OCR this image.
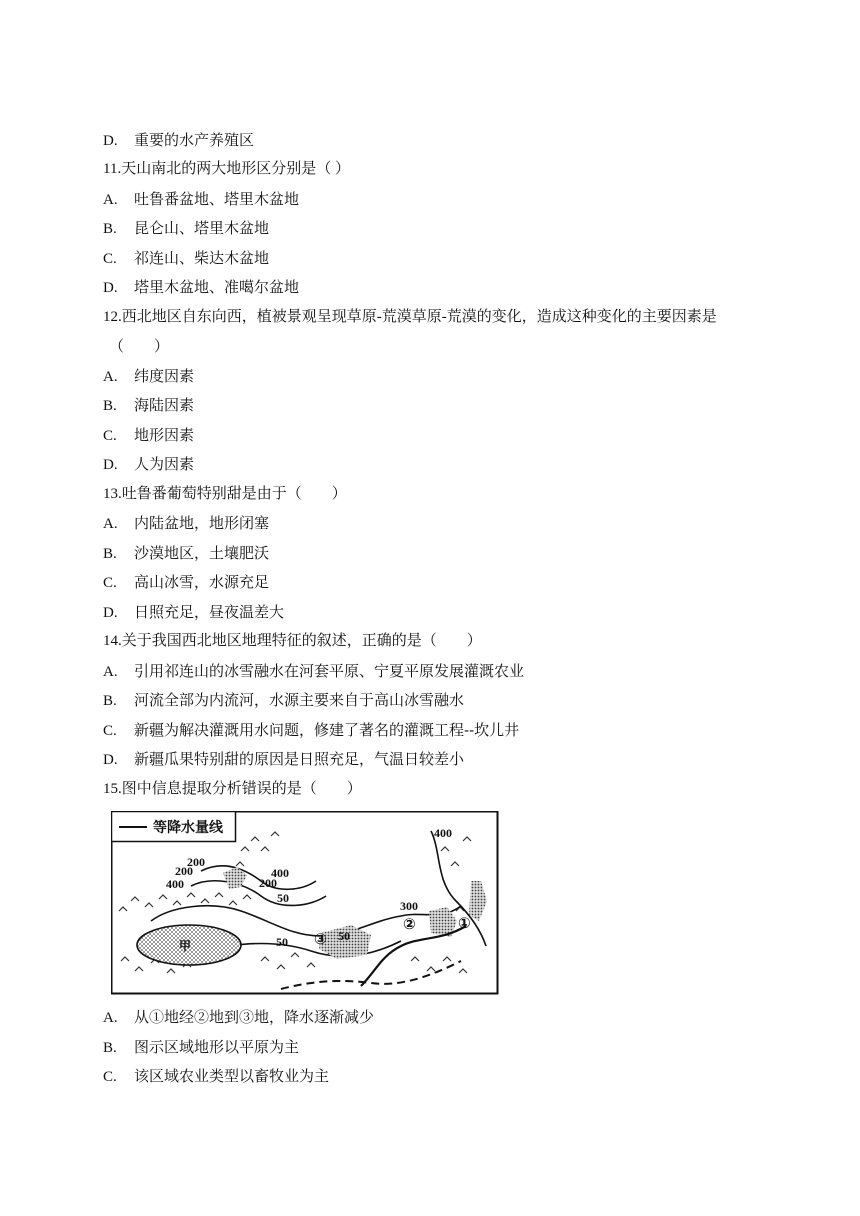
D. 重要的水产养殖区
11.天山南北的两大地形区分别是（ ）
A. 吐鲁番盆地、塔里木盆地
B. 昆仑山、塔里木盆地
C. 祁连山、柴达木盆地
D. 塔里木盆地、准噶尔盆地
12.西北地区自东向西，植被景观呈现草原-荒漠草原-荒漠的变化，造成这种变化的主要因素是
（　　）
A. 纬度因素
B. 海陆因素
C. 地形因素
D. 人为因素
13.吐鲁番葡萄特别甜是由于（　　）
A. 内陆盆地，地形闭塞
B. 沙漠地区，土壤肥沃
C. 高山冰雪，水源充足
D. 日照充足，昼夜温差大
14.关于我国西北地区地理特征的叙述，正确的是（　　）
A. 引用祁连山的冰雪融水在河套平原、宁夏平原发展灌溉农业
B. 河流全部为内流河，水源主要来自于高山冰雪融水
C. 新疆为解决灌溉用水问题，修建了著名的灌溉工程--坎儿井
D. 新疆瓜果特别甜的原因是日照充足，气温日较差小
15.图中信息提取分析错误的是（　　）
等降水量线	400
200
200
400	200
400
50
300
50
50
甲
①
②
③
A. 从①地经②地到③地，降水逐渐减少
B. 图示区域地形以平原为主
C. 该区域农业类型以畜牧业为主
